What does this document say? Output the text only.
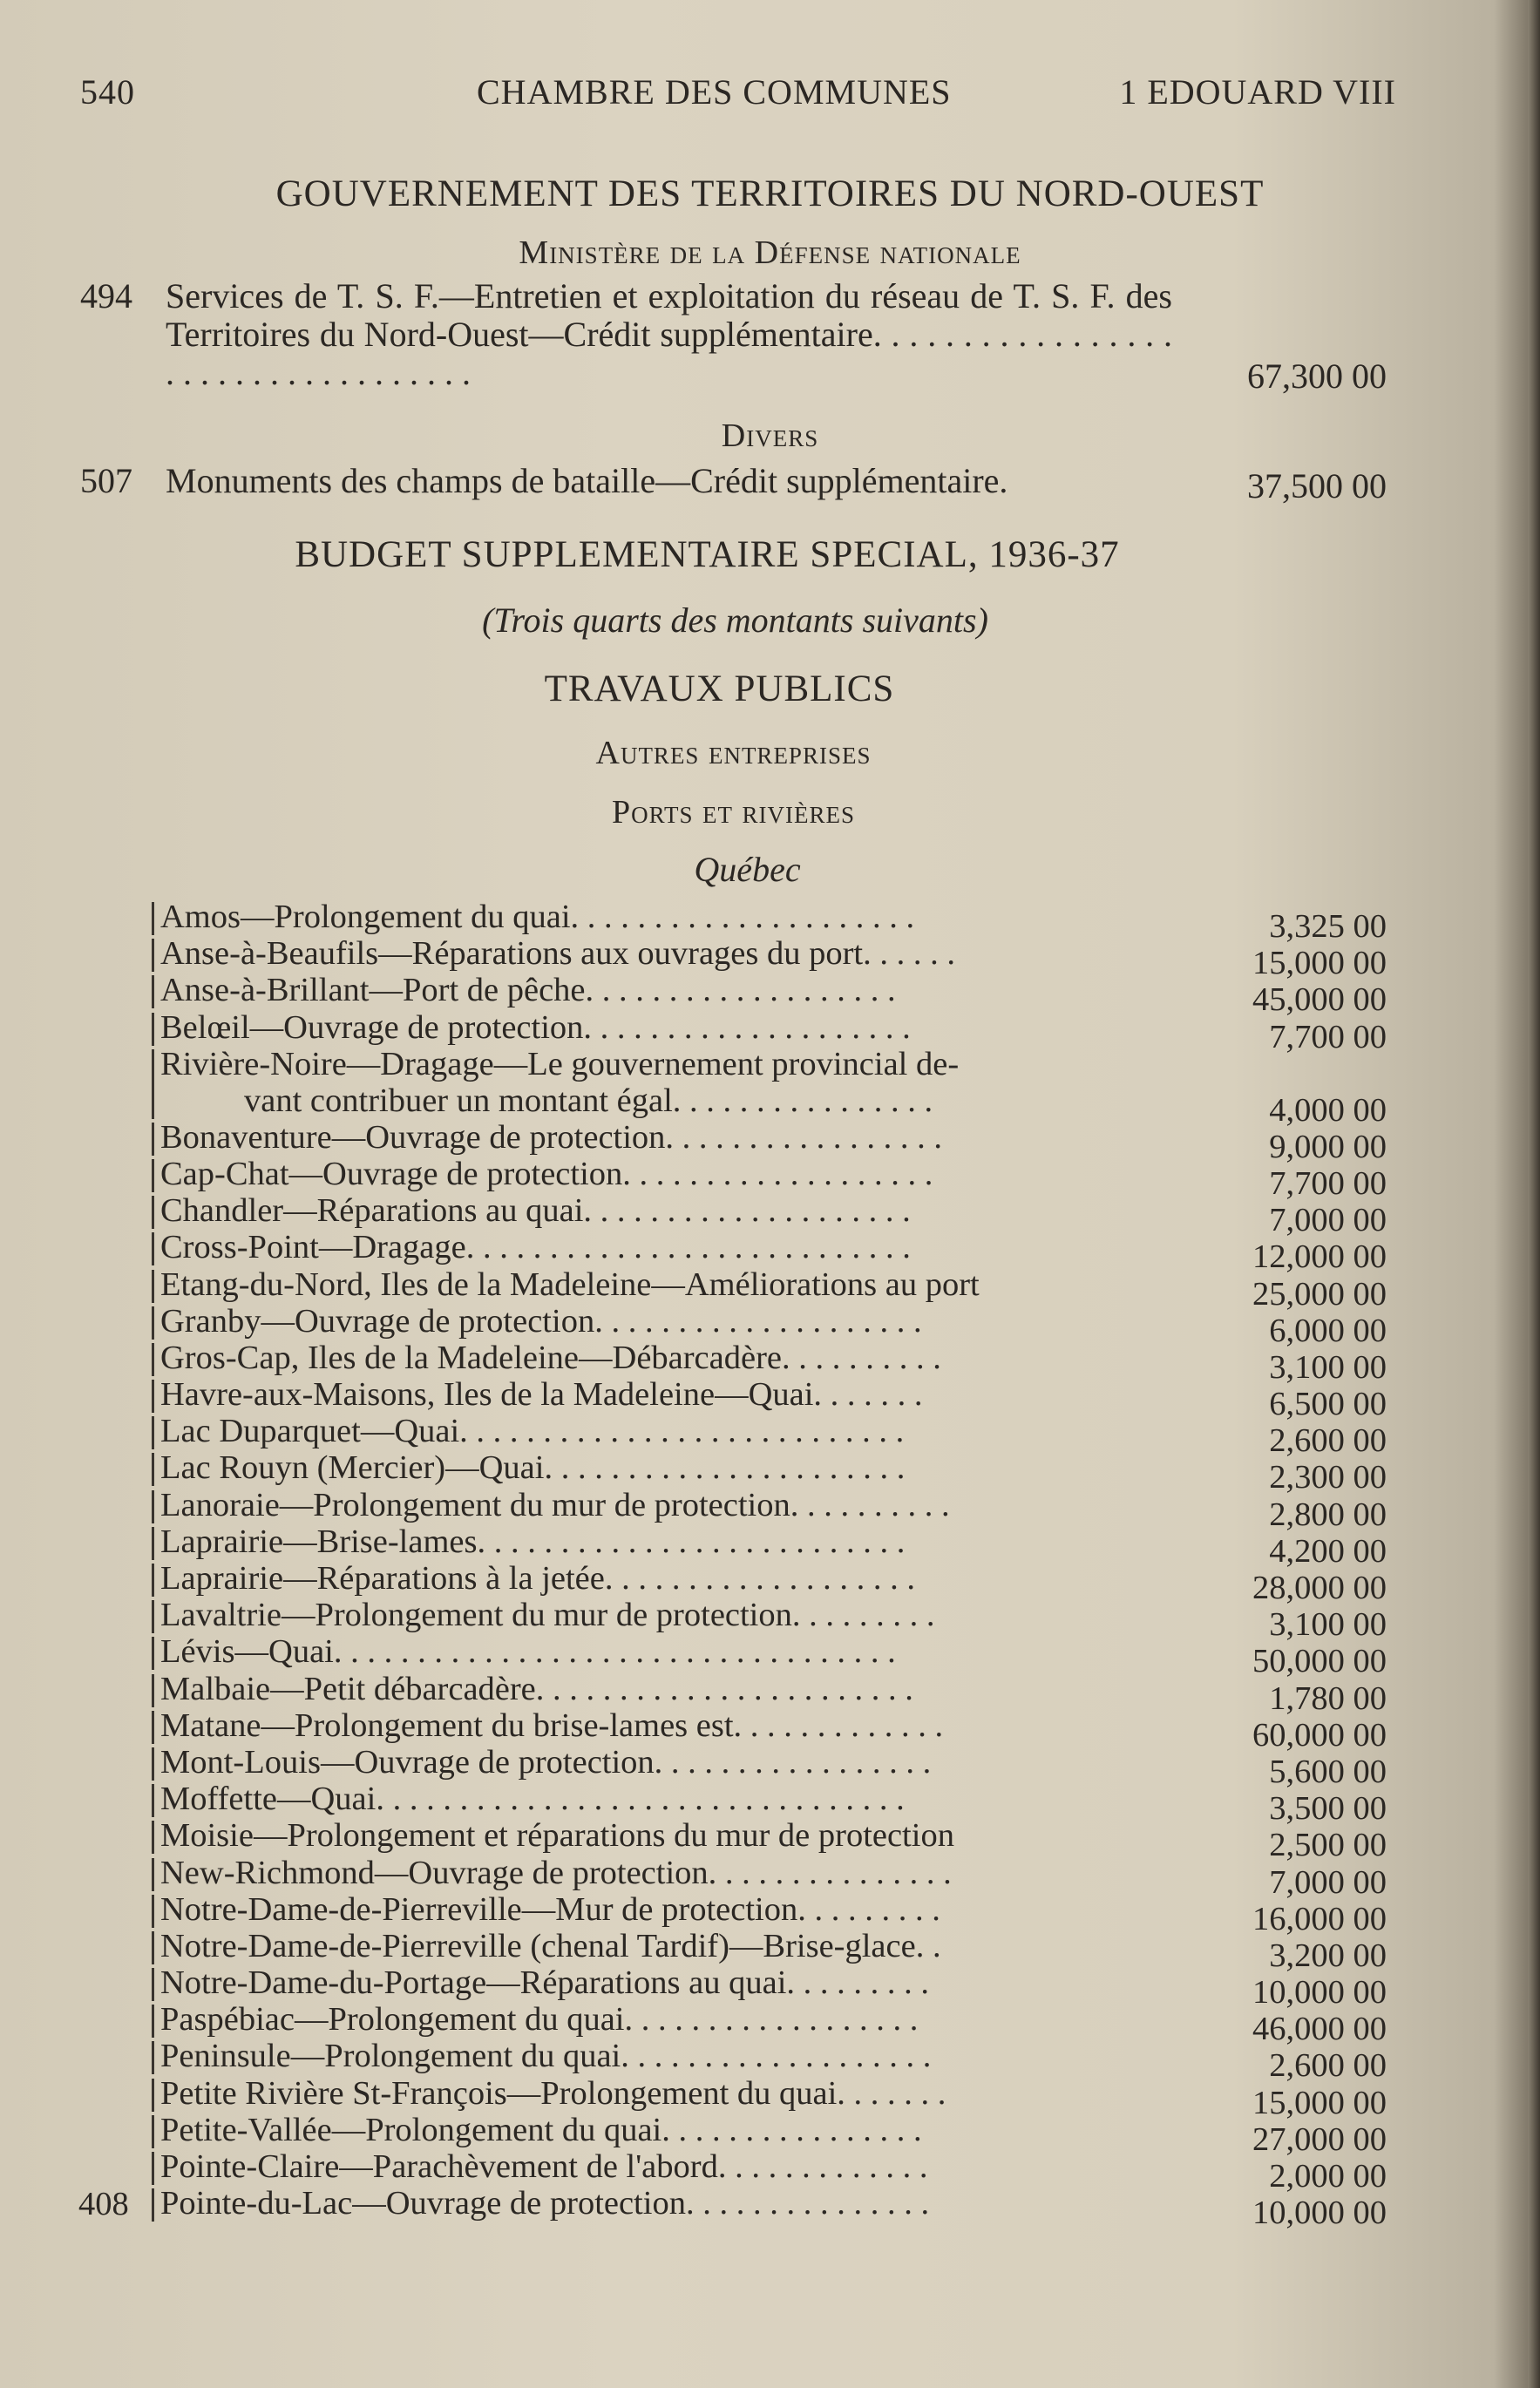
540	CHAMBRE DES COMMUNES	1 EDOUARD VIII
GOUVERNEMENT DES TERRITOIRES DU NORD-OUEST
Ministère de la Défense nationale
494 Services de T. S. F.—Entretien et exploitation du réseau de T. S. F. des Territoires du Nord-Ouest—Crédit supplémentaire. . . . . . . . . . . . . . . . . . . . . . . . . . . . . . . . . . .	67,300 00
Divers
507 Monuments des champs de bataille—Crédit supplémentaire.	37,500 00
BUDGET SUPPLEMENTAIRE SPECIAL, 1936-37
(Trois quarts des montants suivants)
TRAVAUX PUBLICS
Autres entreprises
Ports et rivières
Québec
Amos—Prolongement du quai. . . . . . . . . . . . . . . . . . . . .	3,325 00
Anse-à-Beaufils—Réparations aux ouvrages du port. . . . . .	15,000 00
Anse-à-Brillant—Port de pêche. . . . . . . . . . . . . . . . . . .	45,000 00
Belœil—Ouvrage de protection. . . . . . . . . . . . . . . . . . . .	7,700 00
Rivière-Noire—Dragage—Le gouvernement provincial de-
vant contribuer un montant égal. . . . . . . . . . . . . . . .	4,000 00
Bonaventure—Ouvrage de protection. . . . . . . . . . . . . . . . .	9,000 00
Cap-Chat—Ouvrage de protection. . . . . . . . . . . . . . . . . . .	7,700 00
Chandler—Réparations au quai. . . . . . . . . . . . . . . . . . . .	7,000 00
Cross-Point—Dragage. . . . . . . . . . . . . . . . . . . . . . . . . . .	12,000 00
Etang-du-Nord, Iles de la Madeleine—Améliorations au port	25,000 00
Granby—Ouvrage de protection. . . . . . . . . . . . . . . . . . . .	6,000 00
Gros-Cap, Iles de la Madeleine—Débarcadère. . . . . . . . . .	3,100 00
Havre-aux-Maisons, Iles de la Madeleine—Quai. . . . . . .	6,500 00
Lac Duparquet—Quai. . . . . . . . . . . . . . . . . . . . . . . . . . .	2,600 00
Lac Rouyn (Mercier)—Quai. . . . . . . . . . . . . . . . . . . . . .	2,300 00
Lanoraie—Prolongement du mur de protection. . . . . . . . . .	2,800 00
Laprairie—Brise-lames. . . . . . . . . . . . . . . . . . . . . . . . . .	4,200 00
Laprairie—Réparations à la jetée. . . . . . . . . . . . . . . . . . .	28,000 00
Lavaltrie—Prolongement du mur de protection. . . . . . . . .	3,100 00
Lévis—Quai. . . . . . . . . . . . . . . . . . . . . . . . . . . . . . . . . .	50,000 00
Malbaie—Petit débarcadère. . . . . . . . . . . . . . . . . . . . . . .	1,780 00
Matane—Prolongement du brise-lames est. . . . . . . . . . . . .	60,000 00
Mont-Louis—Ouvrage de protection. . . . . . . . . . . . . . . . .	5,600 00
Moffette—Quai. . . . . . . . . . . . . . . . . . . . . . . . . . . . . . . .	3,500 00
Moisie—Prolongement et réparations du mur de protection	2,500 00
New-Richmond—Ouvrage de protection. . . . . . . . . . . . . . .	7,000 00
Notre-Dame-de-Pierreville—Mur de protection. . . . . . . . .	16,000 00
Notre-Dame-de-Pierreville (chenal Tardif)—Brise-glace. .	3,200 00
Notre-Dame-du-Portage—Réparations au quai. . . . . . . . .	10,000 00
Paspébiac—Prolongement du quai. . . . . . . . . . . . . . . . . .	46,000 00
Peninsule—Prolongement du quai. . . . . . . . . . . . . . . . . . .	2,600 00
Petite Rivière St-François—Prolongement du quai. . . . . . .	15,000 00
Petite-Vallée—Prolongement du quai. . . . . . . . . . . . . . . .	27,000 00
Pointe-Claire—Parachèvement de l'abord. . . . . . . . . . . . .	2,000 00
Pointe-du-Lac—Ouvrage de protection. . . . . . . . . . . . . . .	10,000 00
408
